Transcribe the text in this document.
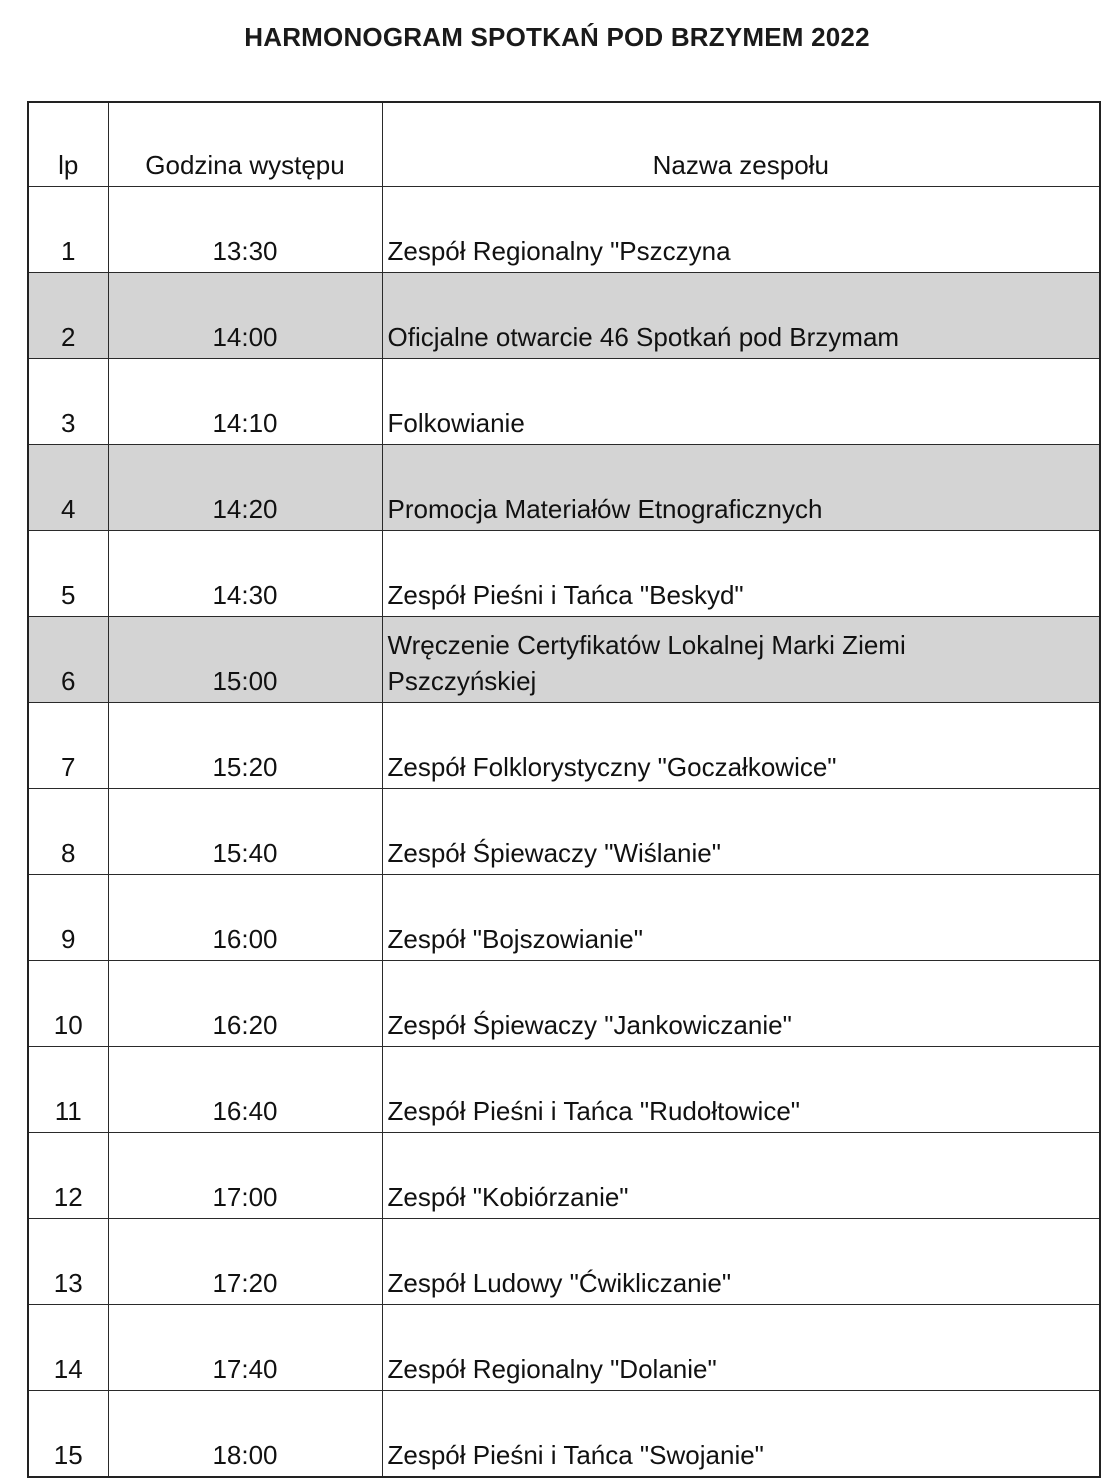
HARMONOGRAM SPOTKAŃ POD BRZYMEM 2022
lp	Godzina występu	Nazwa zespołu
1	13:30	Zespół Regionalny "Pszczyna
2	14:00	Oficjalne otwarcie 46 Spotkań pod Brzymam
3	14:10	Folkowianie
4	14:20	Promocja Materiałów Etnograficznych
5	14:30	Zespół Pieśni i Tańca "Beskyd"
6	15:00	Wręczenie Certyfikatów Lokalnej Marki Ziemi
Pszczyńskiej

7	15:20	Zespół Folklorystyczny "Goczałkowice"
8	15:40	Zespół Śpiewaczy "Wiślanie"
9	16:00	Zespół "Bojszowianie"
10	16:20	Zespół Śpiewaczy "Jankowiczanie"
11	16:40	Zespół Pieśni i Tańca "Rudołtowice"
12	17:00	Zespół "Kobiórzanie"
13	17:20	Zespół Ludowy "Ćwikliczanie"
14	17:40	Zespół Regionalny "Dolanie"
15	18:00	Zespół Pieśni i Tańca "Swojanie"
